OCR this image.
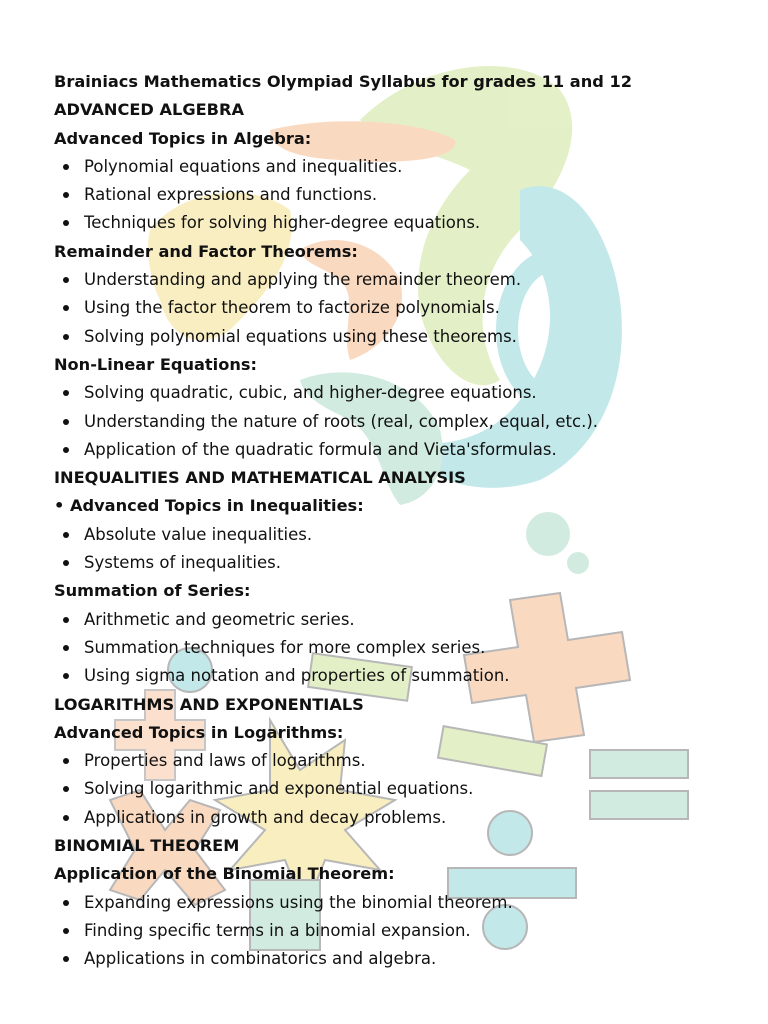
Brainiacs Mathematics Olympiad Syllabus for grades 11 and 12
ADVANCED ALGEBRA
Advanced Topics in Algebra:
Polynomial equations and inequalities.
Rational expressions and functions.
Techniques for solving higher-degree equations.
Remainder and Factor Theorems:
Understanding and applying the remainder theorem.
Using the factor theorem to factorize polynomials.
Solving polynomial equations using these theorems.
Non-Linear Equations:
Solving quadratic, cubic, and higher-degree equations.
Understanding the nature of roots (real, complex, equal, etc.).
Application of the quadratic formula and Vieta'sformulas.
INEQUALITIES AND MATHEMATICAL ANALYSIS
• Advanced Topics in Inequalities:
Absolute value inequalities.
Systems of inequalities.
Summation of Series:
Arithmetic and geometric series.
Summation techniques for more complex series.
Using sigma notation and properties of summation.
LOGARITHMS AND EXPONENTIALS
Advanced Topics in Logarithms:
Properties and laws of logarithms.
Solving logarithmic and exponential equations.
Applications in growth and decay problems.
BINOMIAL THEOREM
Application of the Binomial Theorem:
Expanding expressions using the binomial theorem.
Finding specific terms in a binomial expansion.
Applications in combinatorics and algebra.
